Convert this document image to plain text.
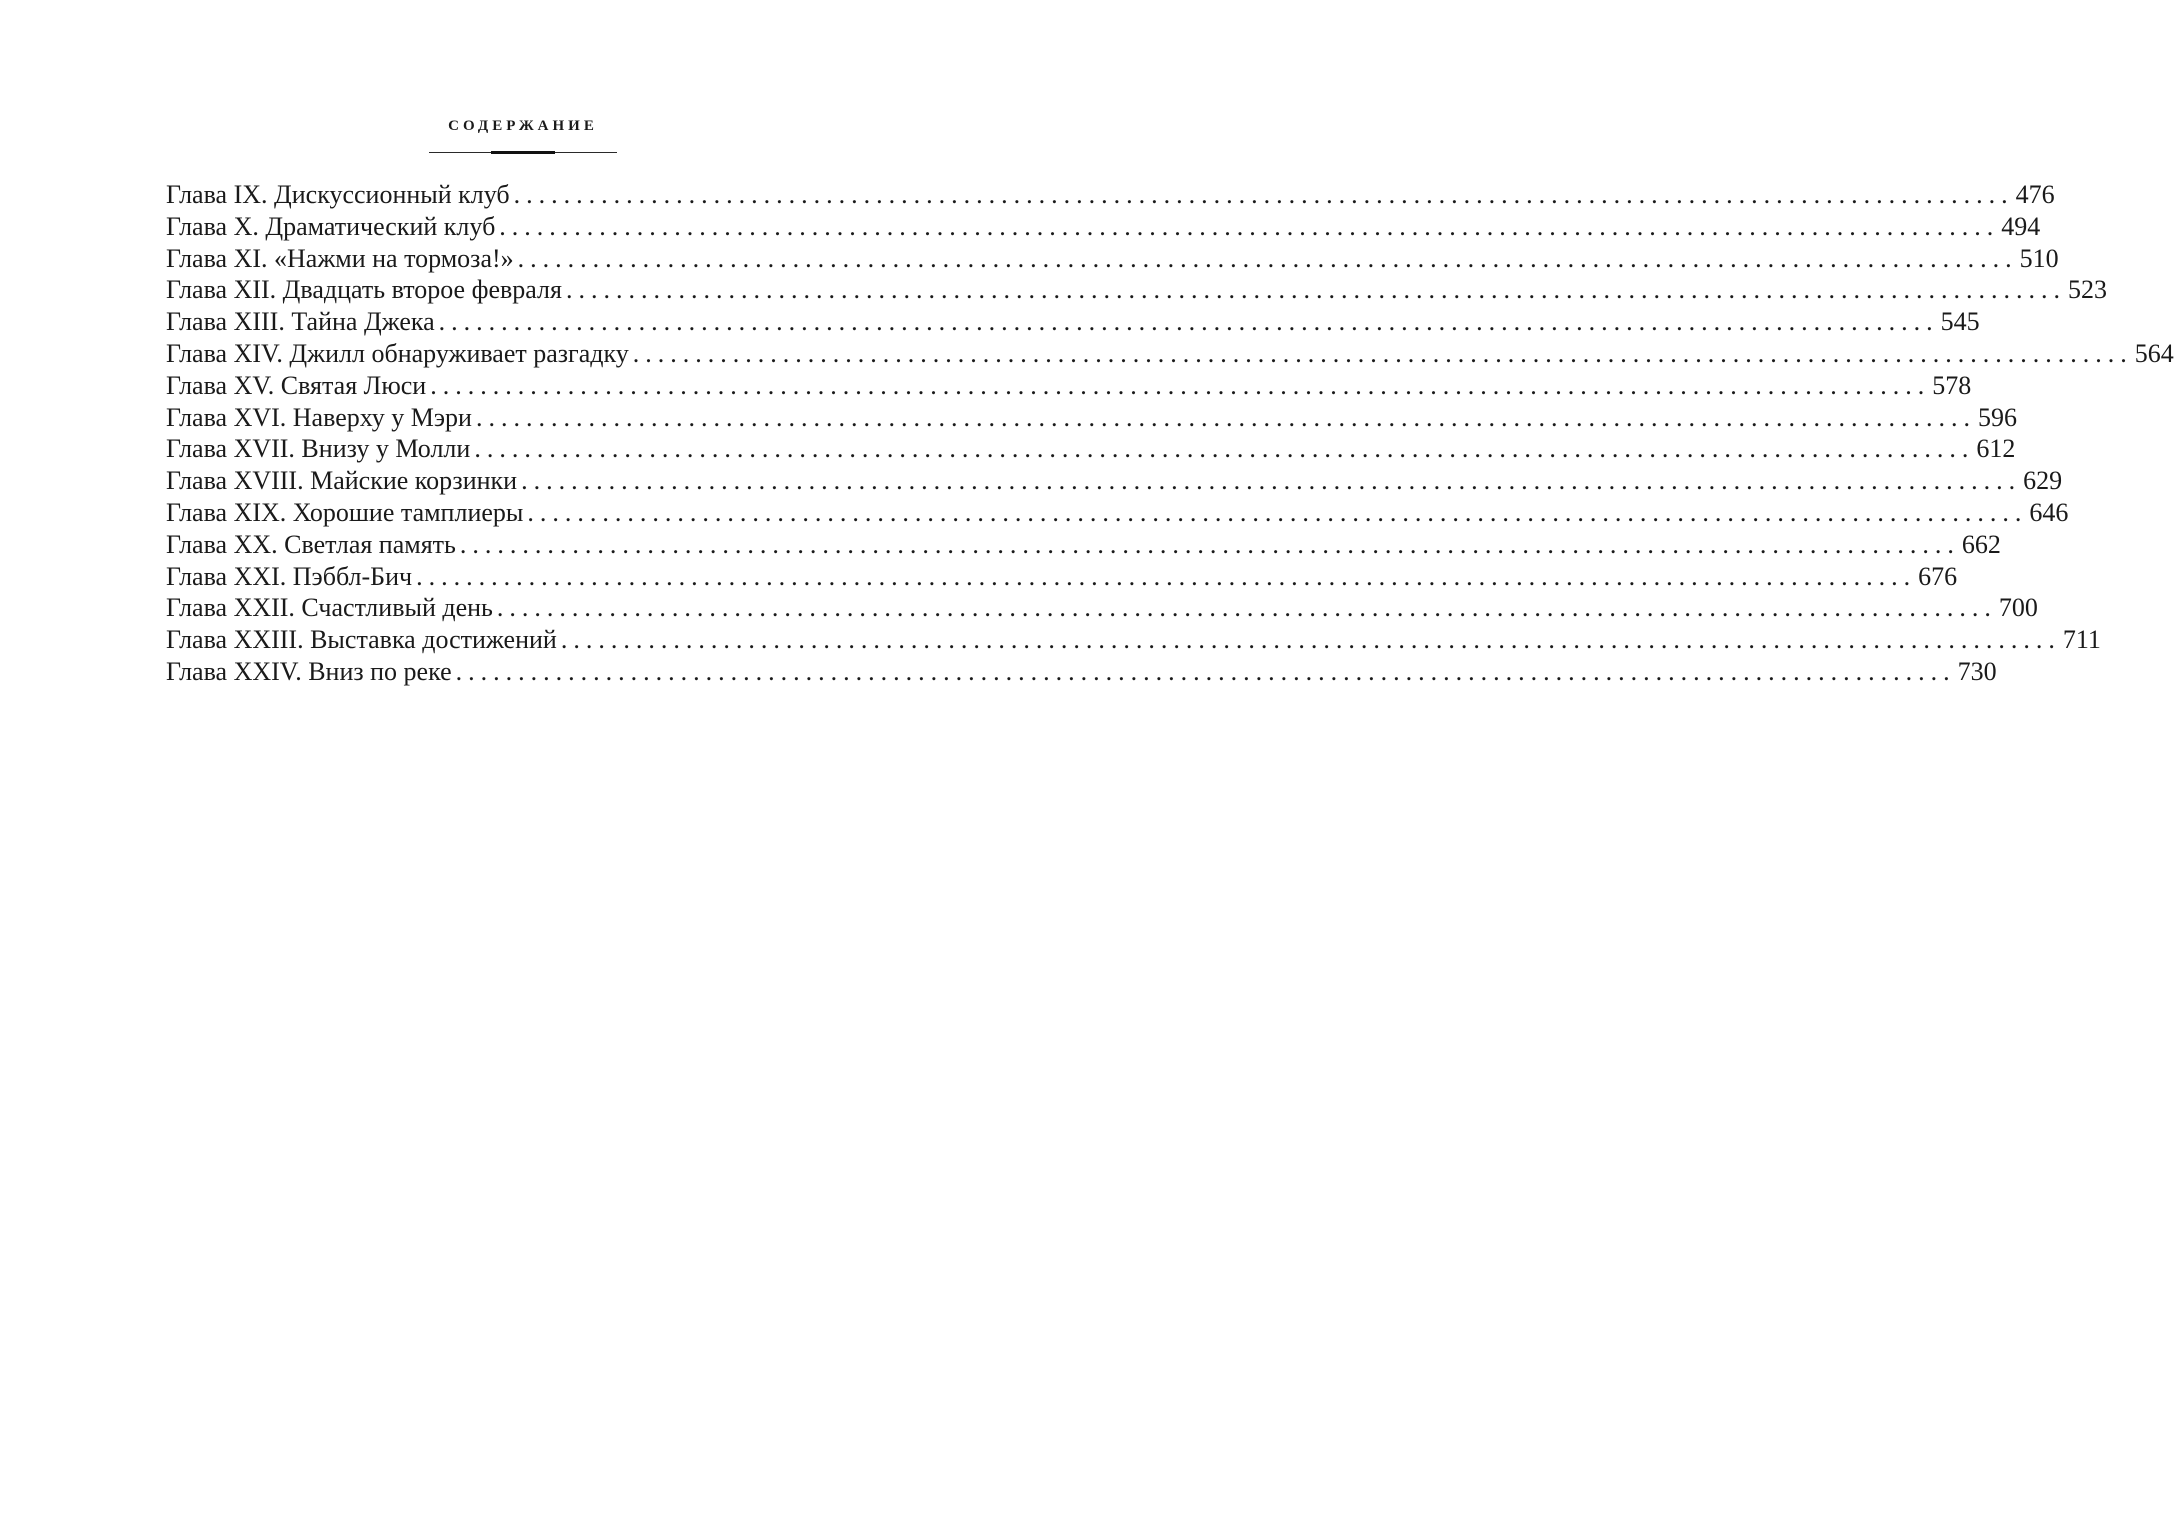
СОДЕРЖАНИЕ
Глава IX. Дискуссионный клуб ........................................................................................................................ 476
Глава X. Драматический клуб ........................................................................................................................ 494
Глава XI. «Нажми на тормоза!» ........................................................................................................................ 510
Глава XII. Двадцать второе февраля ........................................................................................................................ 523
Глава XIII. Тайна Джека ........................................................................................................................ 545
Глава XIV. Джилл обнаруживает разгадку ........................................................................................................................ 564
Глава XV. Святая Люси ........................................................................................................................ 578
Глава XVI. Наверху у Мэри ........................................................................................................................ 596
Глава XVII. Внизу у Молли ........................................................................................................................ 612
Глава XVIII. Майские корзинки ........................................................................................................................ 629
Глава XIX. Хорошие тамплиеры ........................................................................................................................ 646
Глава XX. Светлая память ........................................................................................................................ 662
Глава XXI. Пэббл-Бич ........................................................................................................................ 676
Глава XXII. Счастливый день ........................................................................................................................ 700
Глава XXIII. Выставка достижений ........................................................................................................................ 711
Глава XXIV. Вниз по реке ........................................................................................................................ 730
